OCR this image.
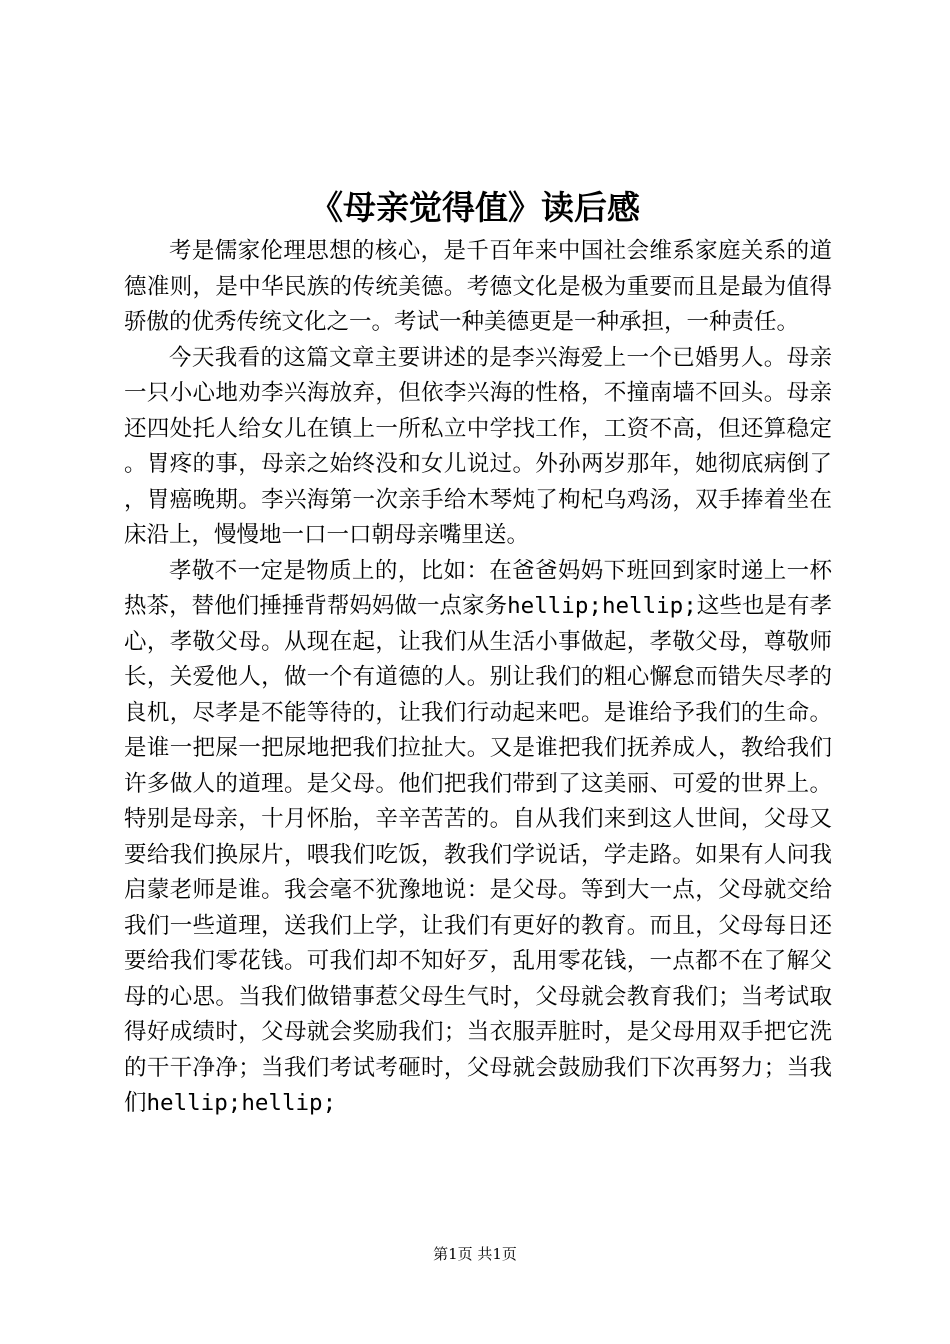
《母亲觉得值》读后感

考是儒家伦理思想的核心，是千百年来中国社会维系家庭关系的道德准则，是中华民族的传统美德。考德文化是极为重要而且是最为值得骄傲的优秀传统文化之一。考试一种美德更是一种承担，一种责任。

今天我看的这篇文章主要讲述的是李兴海爱上一个已婚男人。母亲一只小心地劝李兴海放弃，但依李兴海的性格，不撞南墙不回头。母亲还四处托人给女儿在镇上一所私立中学找工作，工资不高，但还算稳定。胃疼的事，母亲之始终没和女儿说过。外孙两岁那年，她彻底病倒了，胃癌晚期。李兴海第一次亲手给木琴炖了枸杞乌鸡汤，双手捧着坐在床沿上，慢慢地一口一口朝母亲嘴里送。

孝敬不一定是物质上的，比如：在爸爸妈妈下班回到家时递上一杯热茶，替他们捶捶背帮妈妈做一点家务hellip;hellip;这些也是有孝心，孝敬父母。从现在起，让我们从生活小事做起，孝敬父母，尊敬师长，关爱他人，做一个有道德的人。别让我们的粗心懈怠而错失尽孝的良机，尽孝是不能等待的，让我们行动起来吧。是谁给予我们的生命。是谁一把屎一把尿地把我们拉扯大。又是谁把我们抚养成人，教给我们许多做人的道理。是父母。他们把我们带到了这美丽、可爱的世界上。特别是母亲，十月怀胎，辛辛苦苦的。自从我们来到这人世间，父母又要给我们换尿片，喂我们吃饭，教我们学说话，学走路。如果有人问我启蒙老师是谁。我会毫不犹豫地说：是父母。等到大一点，父母就交给我们一些道理，送我们上学，让我们有更好的教育。而且，父母每日还要给我们零花钱。可我们却不知好歹，乱用零花钱，一点都不在了解父母的心思。当我们做错事惹父母生气时，父母就会教育我们；当考试取得好成绩时，父母就会奖励我们；当衣服弄脏时，是父母用双手把它洗的干干净净；当我们考试考砸时，父母就会鼓励我们下次再努力；当我们hellip;hellip;

第1页 共1页
